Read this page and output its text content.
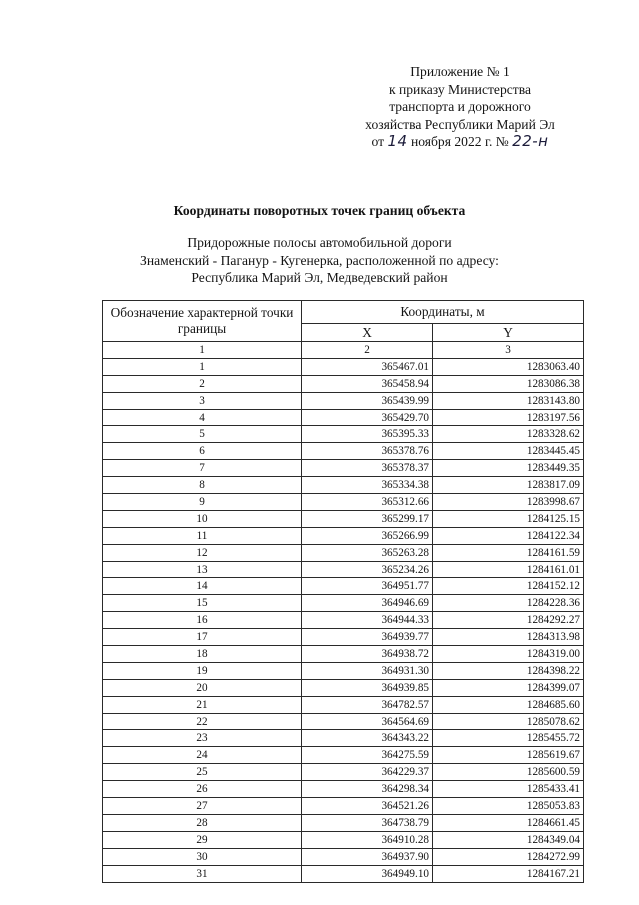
Приложение № 1
к приказу Министерства
транспорта и дорожного
хозяйства Республики Марий Эл
от 14 ноября 2022 г. № 22-н
Координаты поворотных точек границ объекта
Придорожные полосы автомобильной дороги
Знаменский - Паганур - Кугенерка, расположенной по адресу:
Республика Марий Эл, Медведевский район
Обозначение характерной точки границы	Координаты, м	
	X	Y
1	2	3
1	365467.01	1283063.40
2	365458.94	1283086.38
3	365439.99	1283143.80
4	365429.70	1283197.56
5	365395.33	1283328.62
6	365378.76	1283445.45
7	365378.37	1283449.35
8	365334.38	1283817.09
9	365312.66	1283998.67
10	365299.17	1284125.15
11	365266.99	1284122.34
12	365263.28	1284161.59
13	365234.26	1284161.01
14	364951.77	1284152.12
15	364946.69	1284228.36
16	364944.33	1284292.27
17	364939.77	1284313.98
18	364938.72	1284319.00
19	364931.30	1284398.22
20	364939.85	1284399.07
21	364782.57	1284685.60
22	364564.69	1285078.62
23	364343.22	1285455.72
24	364275.59	1285619.67
25	364229.37	1285600.59
26	364298.34	1285433.41
27	364521.26	1285053.83
28	364738.79	1284661.45
29	364910.28	1284349.04
30	364937.90	1284272.99
31	364949.10	1284167.21
